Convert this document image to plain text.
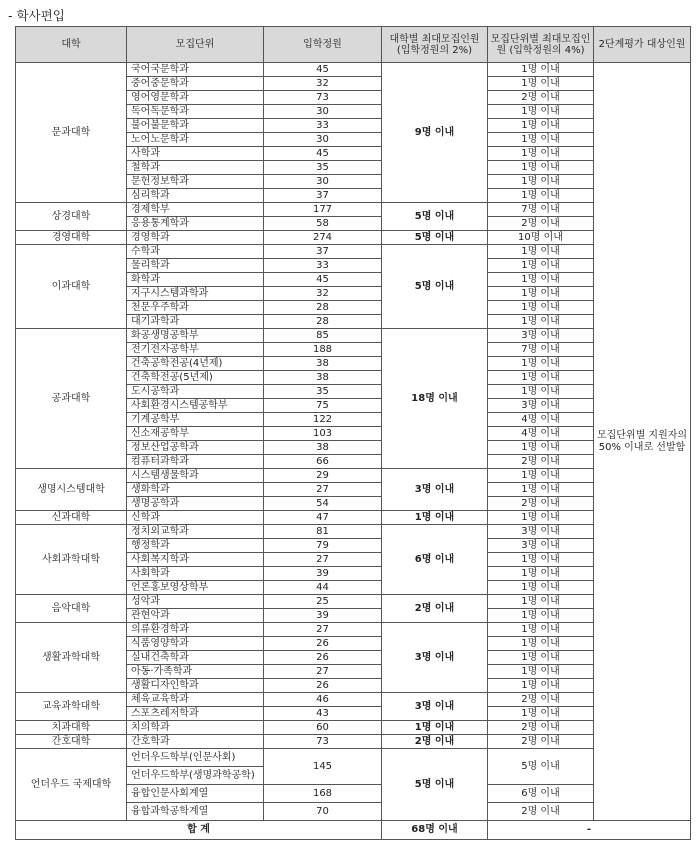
- 학사편입
대학	모집단위	입학정원	대학별 최대모집인원 (입학정원의 2%)	모집단위별 최대모집인원 (입학정원의 4%)	2단계평가 대상인원
문과대학	국어국문학과	45	9명 이내	1명 이내	모집단위별 지원자의 50% 이내로 선발함
	중어중문학과	32		1명 이내	
	영어영문학과	73		2명 이내	
	독어독문학과	30		1명 이내	
	불어불문학과	33		1명 이내	
	노어노문학과	30		1명 이내	
	사학과	45		1명 이내	
	철학과	35		1명 이내	
	문헌정보학과	30		1명 이내	
	심리학과	37		1명 이내	
상경대학	경제학부	177	5명 이내	7명 이내	
	응용통계학과	58		2명 이내	
경영대학	경영학과	274	5명 이내	10명 이내	
이과대학	수학과	37	5명 이내	1명 이내	
	물리학과	33		1명 이내	
	화학과	45		1명 이내	
	지구시스템과학과	32		1명 이내	
	천문우주학과	28		1명 이내	
	대기과학과	28		1명 이내	
공과대학	화공생명공학부	85	18명 이내	3명 이내	
	전기전자공학부	188		7명 이내	
	건축공학전공(4년제)	38		1명 이내	
	건축학전공(5년제)	38		1명 이내	
	도시공학과	35		1명 이내	
	사회환경시스템공학부	75		3명 이내	
	기계공학부	122		4명 이내	
	신소재공학부	103		4명 이내	
	정보산업공학과	38		1명 이내	
	컴퓨터과학과	66		2명 이내	
생명시스템대학	시스템생물학과	29	3명 이내	1명 이내	
	생화학과	27		1명 이내	
	생명공학과	54		2명 이내	
신과대학	신학과	47	1명 이내	1명 이내	
사회과학대학	정치외교학과	81	6명 이내	3명 이내	
	행정학과	79		3명 이내	
	사회복지학과	27		1명 이내	
	사회학과	39		1명 이내	
	언론홍보영상학부	44		1명 이내	
음악대학	성악과	25	2명 이내	1명 이내	
	관현악과	39		1명 이내	
생활과학대학	의류환경학과	27	3명 이내	1명 이내	
	식품영양학과	26		1명 이내	
	실내건축학과	26		1명 이내	
	아동·가족학과	27		1명 이내	
	생활디자인학과	26		1명 이내	
교육과학대학	체육교육학과	46	3명 이내	2명 이내	
	스포츠레저학과	43		1명 이내	
치과대학	치의학과	60	1명 이내	2명 이내	
간호대학	간호학과	73	2명 이내	2명 이내	
언더우드 국제대학	언더우드학부(인문사회)	145	5명 이내	5명 이내	
	언더우드학부(생명과학공학)				
	융합인문사회계열	168		6명 이내	
	융합과학공학계열	70		2명 이내	
합 계			68명 이내	-	
